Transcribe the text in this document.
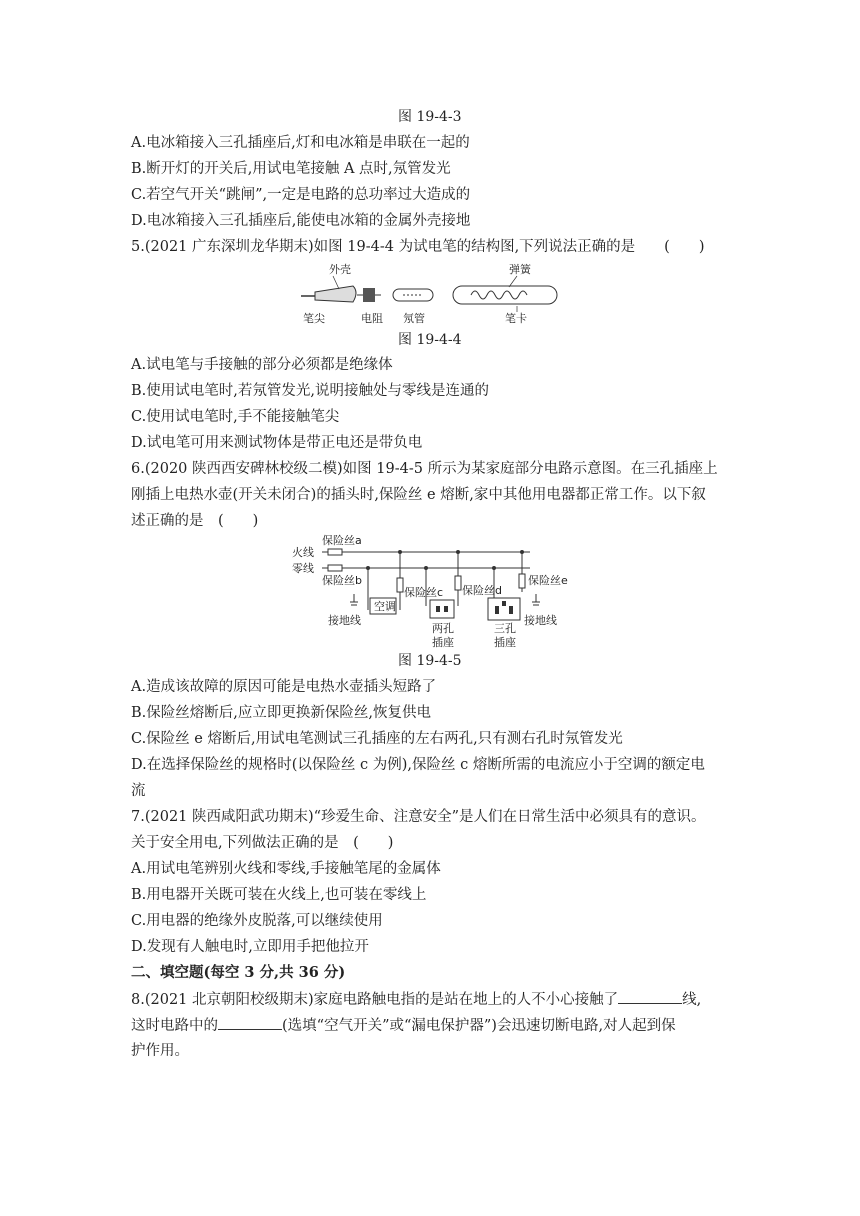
图 19-4-3
A.电冰箱接入三孔插座后,灯和电冰箱是串联在一起的
B.断开灯的开关后,用试电笔接触 A 点时,氖管发光
C.若空气开关“跳闸”,一定是电路的总功率过大造成的
D.电冰箱接入三孔插座后,能使电冰箱的金属外壳接地
5.(2021 广东深圳龙华期末)如图 19-4-4 为试电笔的结构图,下列说法正确的是　　(　　)
外壳	弹簧
笔尖	电阻 氖管	笔卡
图 19-4-4
A.试电笔与手接触的部分必须都是绝缘体
B.使用试电笔时,若氖管发光,说明接触处与零线是连通的
C.使用试电笔时,手不能接触笔尖
D.试电笔可用来测试物体是带正电还是带负电
6.(2020 陕西西安碑林校级二模)如图 19-4-5 所示为某家庭部分电路示意图。在三孔插座上
刚插上电热水壶(开关未闭合)的插头时,保险丝 e 熔断,家中其他用电器都正常工作。以下叙
述正确的是　(　　)
火线
零线
保险丝a
保险丝b
空调
保险丝c 保险丝d
保险丝e
接地线	接地线
两孔
插座
三孔
插座
图 19-4-5
A.造成该故障的原因可能是电热水壶插头短路了
B.保险丝熔断后,应立即更换新保险丝,恢复供电
C.保险丝 e 熔断后,用试电笔测试三孔插座的左右两孔,只有测右孔时氖管发光
D.在选择保险丝的规格时(以保险丝 c 为例),保险丝 c 熔断所需的电流应小于空调的额定电
流
7.(2021 陕西咸阳武功期末)“珍爱生命、注意安全”是人们在日常生活中必须具有的意识。
关于安全用电,下列做法正确的是　(　　)
A.用试电笔辨别火线和零线,手接触笔尾的金属体
B.用电器开关既可装在火线上,也可装在零线上
C.用电器的绝缘外皮脱落,可以继续使用
D.发现有人触电时,立即用手把他拉开
二、填空题(每空 3 分,共 36 分)
8.(2021 北京朝阳校级期末)家庭电路触电指的是站在地上的人不小心接触了	线,
这时电路中的	(选填“空气开关”或“漏电保护器”)会迅速切断电路,对人起到保
护作用。
